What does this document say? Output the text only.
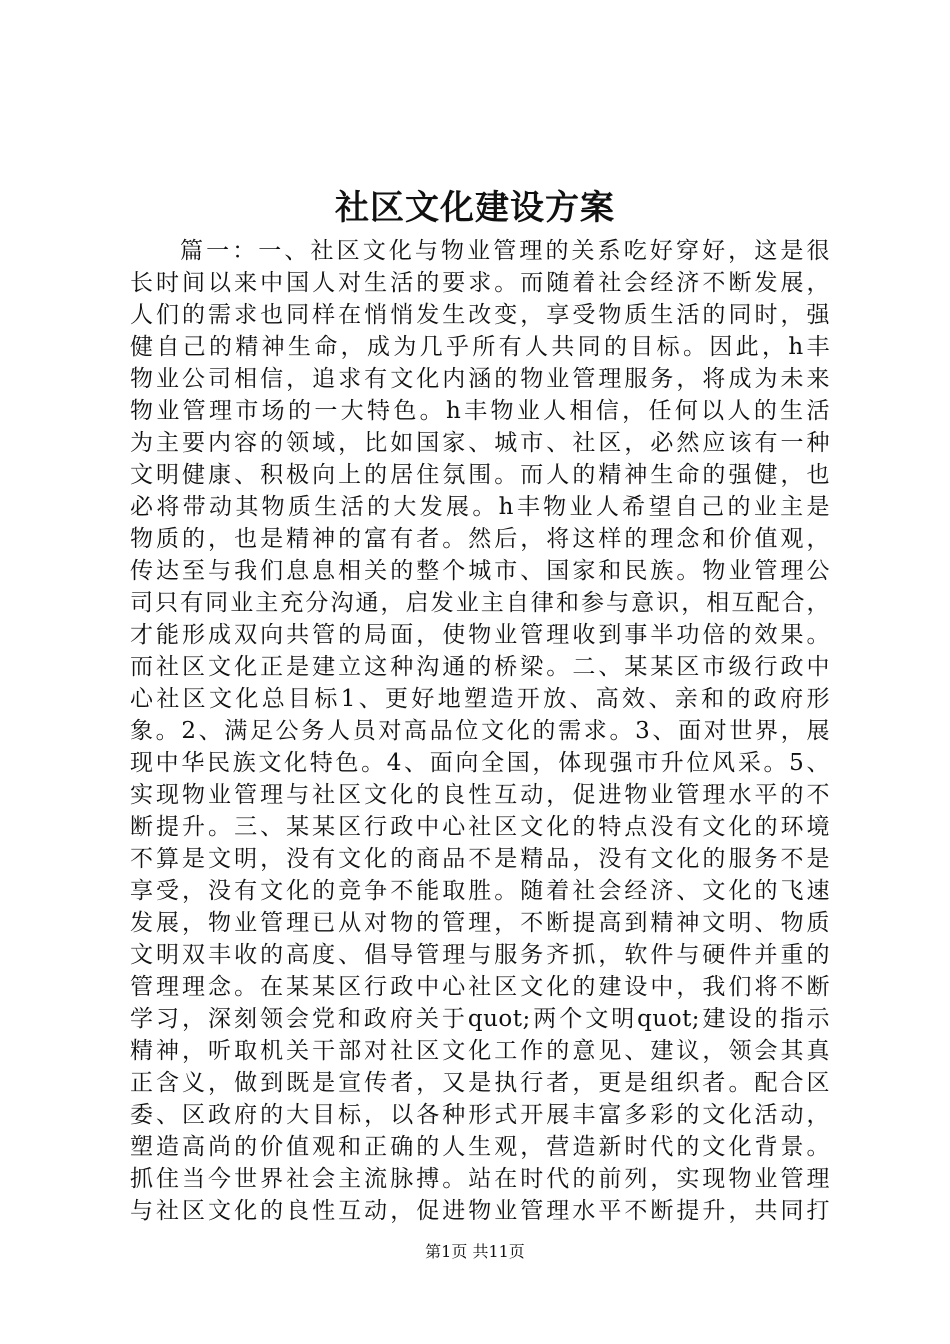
社区文化建设方案
篇一：一、社区文化与物业管理的关系吃好穿好，这是很
长时间以来中国人对生活的要求。而随着社会经济不断发展，
人们的需求也同样在悄悄发生改变，享受物质生活的同时，强
健自己的精神生命，成为几乎所有人共同的目标。因此，h丰
物业公司相信，追求有文化内涵的物业管理服务，将成为未来
物业管理市场的一大特色。h丰物业人相信，任何以人的生活
为主要内容的领域，比如国家、城市、社区，必然应该有一种
文明健康、积极向上的居住氛围。而人的精神生命的强健，也
必将带动其物质生活的大发展。h丰物业人希望自己的业主是
物质的，也是精神的富有者。然后，将这样的理念和价值观，
传达至与我们息息相关的整个城市、国家和民族。物业管理公
司只有同业主充分沟通，启发业主自律和参与意识，相互配合，
才能形成双向共管的局面，使物业管理收到事半功倍的效果。
而社区文化正是建立这种沟通的桥梁。二、某某区市级行政中
心社区文化总目标1、更好地塑造开放、高效、亲和的政府形
象。2、满足公务人员对高品位文化的需求。3、面对世界，展
现中华民族文化特色。4、面向全国，体现强市升位风采。5、
实现物业管理与社区文化的良性互动，促进物业管理水平的不
断提升。三、某某区行政中心社区文化的特点没有文化的环境
不算是文明，没有文化的商品不是精品，没有文化的服务不是
享受，没有文化的竞争不能取胜。随着社会经济、文化的飞速
发展，物业管理已从对物的管理，不断提高到精神文明、物质
文明双丰收的高度、倡导管理与服务齐抓，软件与硬件并重的
管理理念。在某某区行政中心社区文化的建设中，我们将不断
学习，深刻领会党和政府关于quot;两个文明quot;建设的指示
精神，听取机关干部对社区文化工作的意见、建议，领会其真
正含义，做到既是宣传者，又是执行者，更是组织者。配合区
委、区政府的大目标，以各种形式开展丰富多彩的文化活动，
塑造高尚的价值观和正确的人生观，营造新时代的文化背景。
抓住当今世界社会主流脉搏。站在时代的前列，实现物业管理
与社区文化的良性互动，促进物业管理水平不断提升，共同打
第1页 共11页
